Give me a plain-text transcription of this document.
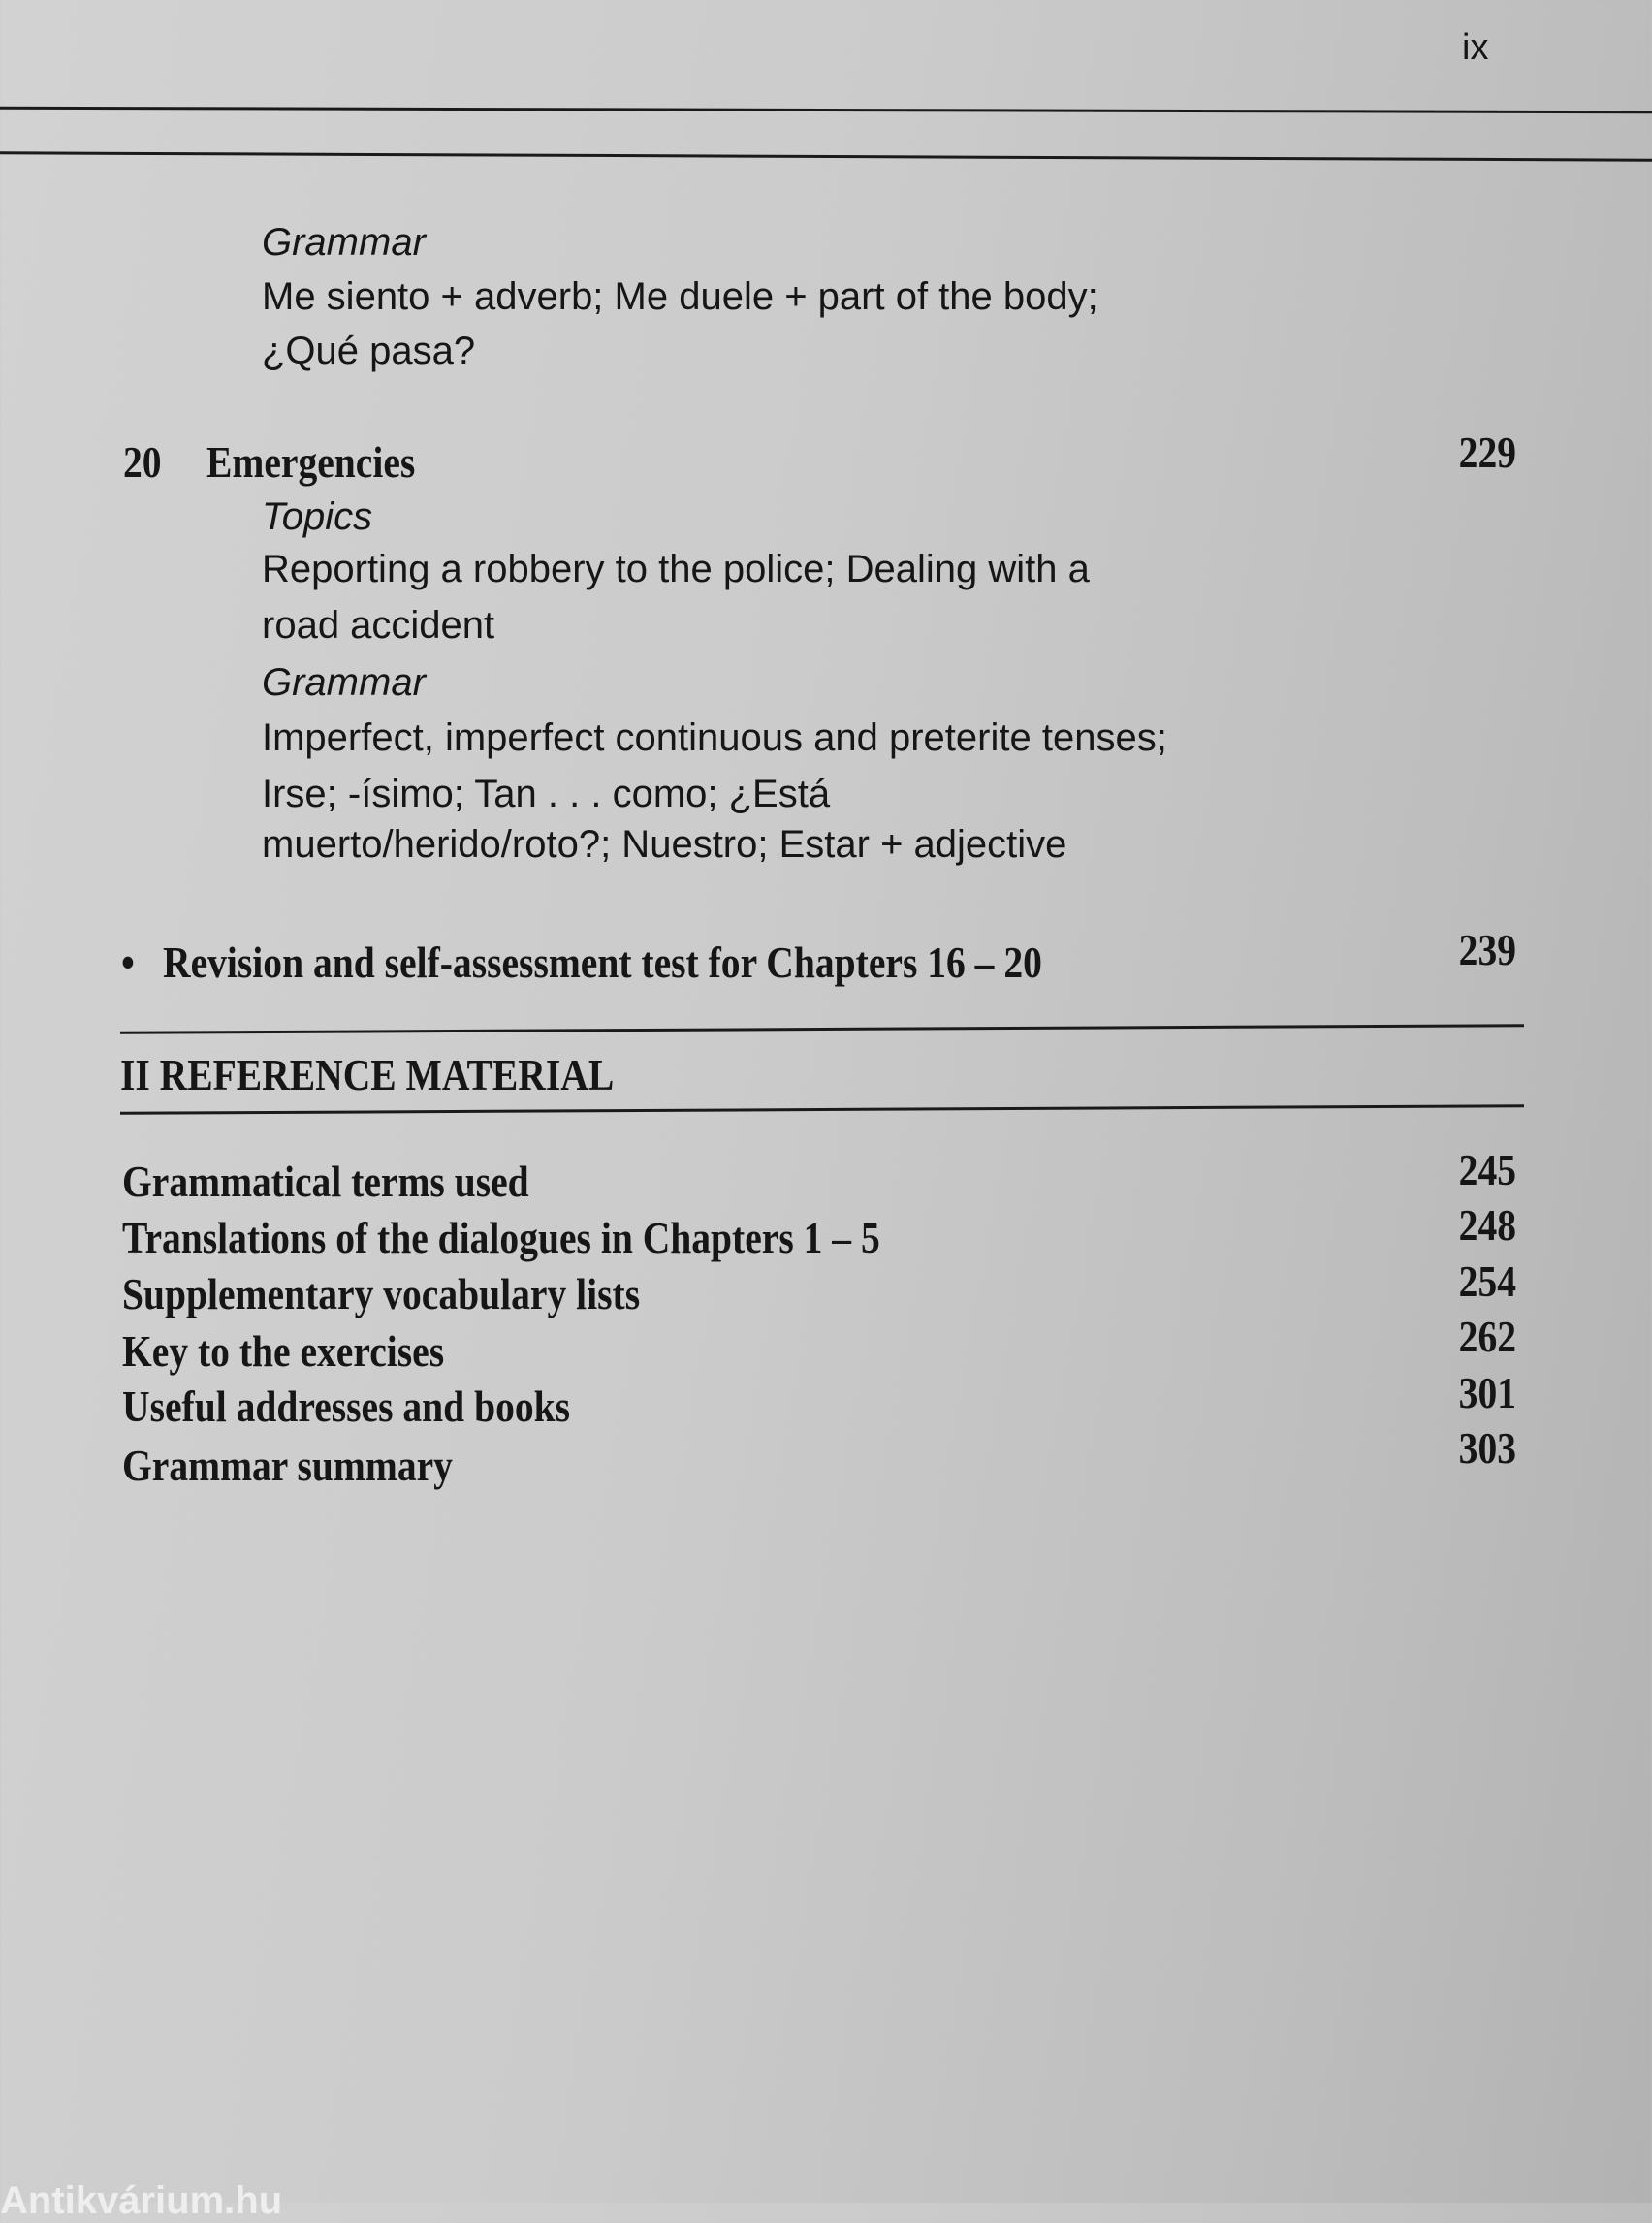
ix
Grammar
Me siento + adverb; Me duele + part of the body;
¿Qué pasa?
20 Emergencies	229
Topics
Reporting a robbery to the police; Dealing with a
road accident
Grammar
Imperfect, imperfect continuous and preterite tenses;
Irse; -ísimo; Tan . . . como; ¿Está
muerto/herido/roto?; Nuestro; Estar + adjective
• Revision and self-assessment test for Chapters 16 – 20	239
II REFERENCE MATERIAL
Grammatical terms used	245
Translations of the dialogues in Chapters 1 – 5	248
Supplementary vocabulary lists	254
Key to the exercises	262
Useful addresses and books	301
Grammar summary	303
Antikvárium.hu
